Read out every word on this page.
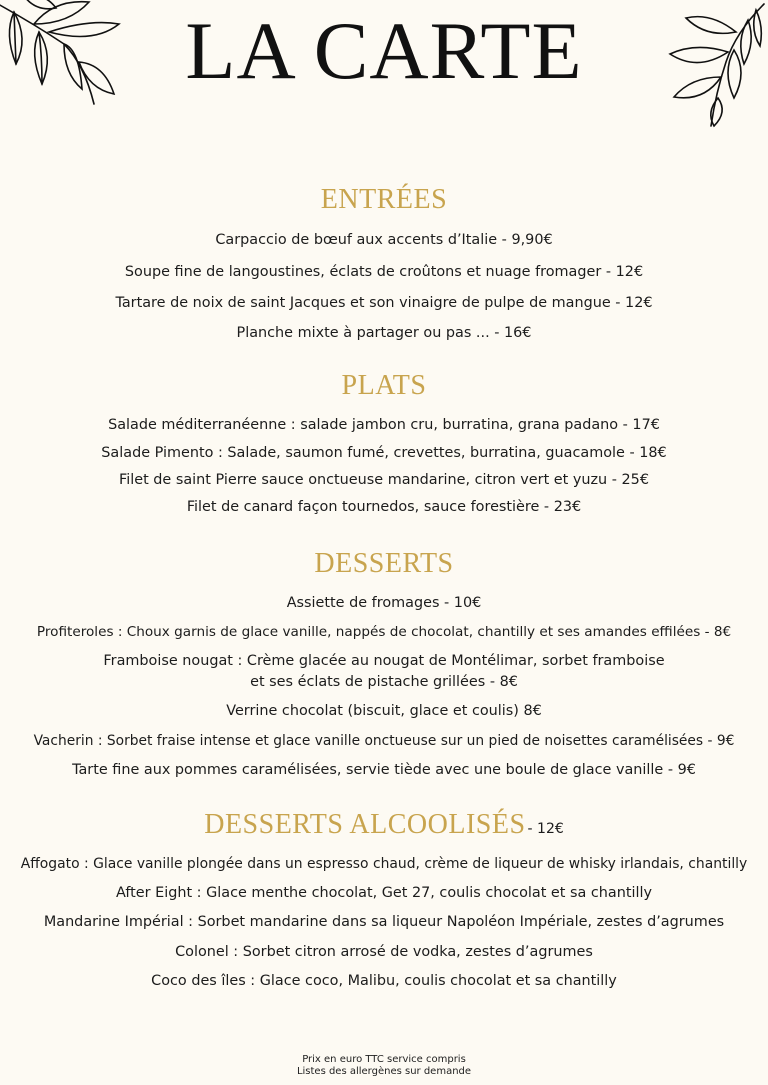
LA CARTE
ENTRÉES
Carpaccio de bœuf aux accents d’Italie - 9,90€
Soupe fine de langoustines, éclats de croûtons et nuage fromager - 12€
Tartare de noix de saint Jacques et son vinaigre de pulpe de mangue - 12€
Planche mixte à partager ou pas ... - 16€
PLATS
Salade méditerranéenne : salade jambon cru, burratina, grana padano - 17€
Salade Pimento : Salade, saumon fumé, crevettes, burratina, guacamole - 18€
Filet de saint Pierre sauce onctueuse mandarine, citron vert et yuzu - 25€
Filet de canard façon tournedos, sauce forestière - 23€
DESSERTS
Assiette de fromages - 10€
Profiteroles : Choux garnis de glace vanille, nappés de chocolat, chantilly et ses amandes effilées - 8€
Framboise nougat : Crème glacée au nougat de Montélimar, sorbet framboise
et ses éclats de pistache grillées - 8€
Verrine chocolat (biscuit, glace et coulis) 8€
Vacherin : Sorbet fraise intense et glace vanille onctueuse sur un pied de noisettes caramélisées - 9€
Tarte fine aux pommes caramélisées, servie tiède avec une boule de glace vanille - 9€
DESSERTS ALCOOLISÉS - 12€
Affogato : Glace vanille plongée dans un espresso chaud, crème de liqueur de whisky irlandais, chantilly
After Eight : Glace menthe chocolat, Get 27, coulis chocolat et sa chantilly
Mandarine Impérial : Sorbet mandarine dans sa liqueur Napoléon Impériale, zestes d’agrumes
Colonel : Sorbet citron arrosé de vodka, zestes d’agrumes
Coco des îles : Glace coco, Malibu, coulis chocolat et sa chantilly
Prix en euro TTC service compris
Listes des allergènes sur demande
